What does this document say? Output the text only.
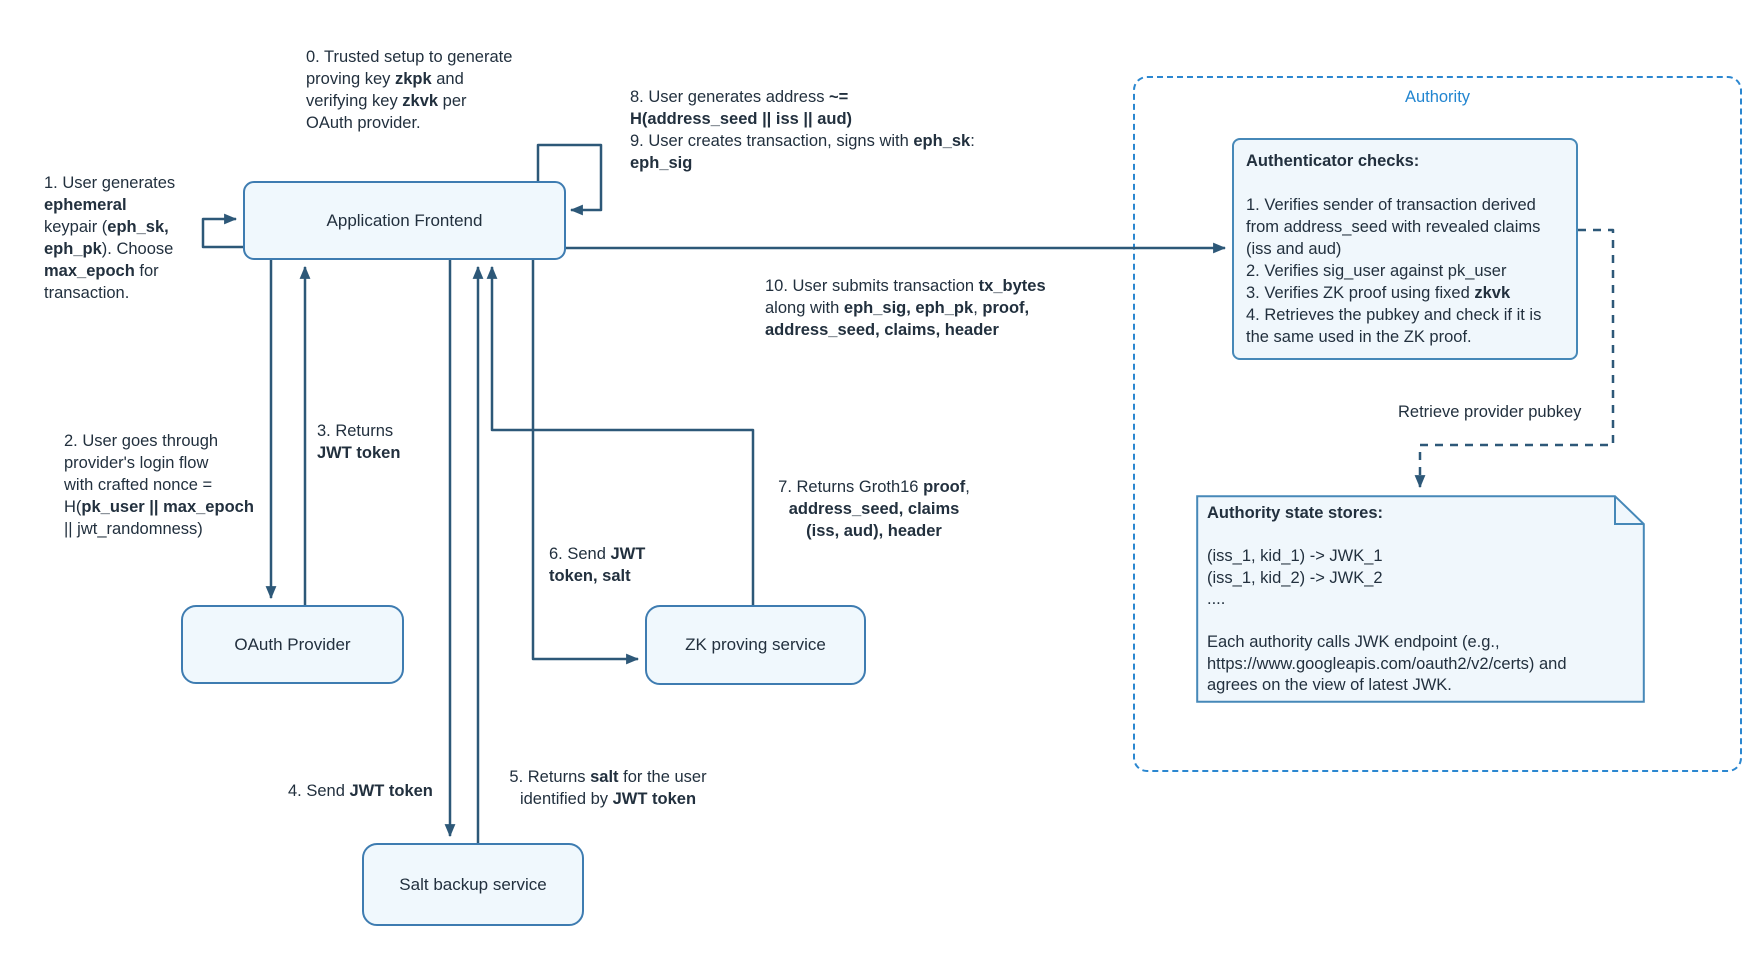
Authority
Authenticator checks:

1. Verifies sender of transaction derived
from address_seed with revealed claims
(iss and aud)
2. Verifies sig_user against pk_user
3. Verifies ZK proof using fixed zkvk
4. Retrieves the pubkey and check if it is
the same used in the ZK proof.
Authority state stores:

(iss_1, kid_1) -> JWK_1
(iss_1, kid_2) -> JWK_2
....

Each authority calls JWK endpoint (e.g.,
https://www.googleapis.com/oauth2/v2/certs) and
agrees on the view of latest JWK.
Application Frontend
OAuth Provider	ZK proving service
Salt backup service
0. Trusted setup to generate
proving key zkpk and
verifying key zkvk per
OAuth provider.
1. User generates
ephemeral
keypair (eph_sk,
eph_pk). Choose
max_epoch for
transaction.
8. User generates address ~=
H(address_seed || iss || aud)
9. User creates transaction, signs with eph_sk:
eph_sig
10. User submits transaction tx_bytes
along with eph_sig, eph_pk, proof,
address_seed, claims, header
2. User goes through
provider's login flow
with crafted nonce =
H(pk_user || max_epoch
|| jwt_randomness)
3. Returns
JWT token
4. Send JWT token
5. Returns salt for the user
identified by JWT token
6. Send JWT
token, salt
7. Returns Groth16 proof,
address_seed, claims
(iss, aud), header
Retrieve provider pubkey
